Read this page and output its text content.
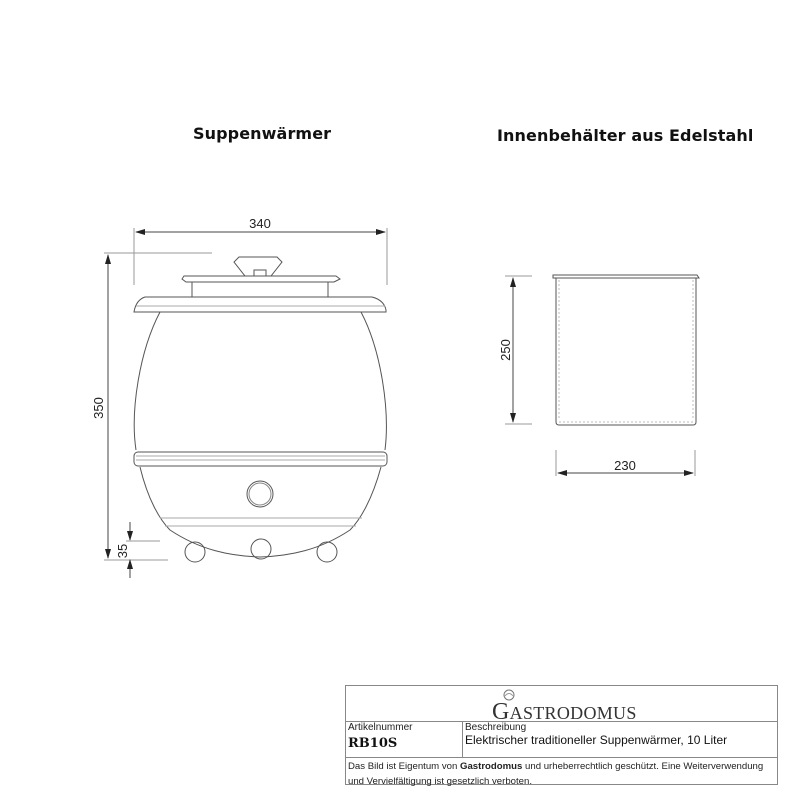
Suppenwärmer	Innenbehälter aus Edelstahl
340
350
35
250
230
GASTRODOMUS
Artikelnummer
RB10S
Beschreibung
Elektrischer traditioneller Suppenwärmer, 10 Liter
Das Bild ist Eigentum von Gastrodomus und urheberrechtlich geschützt. Eine Weiterverwendung und Vervielfältigung ist gesetzlich verboten.
